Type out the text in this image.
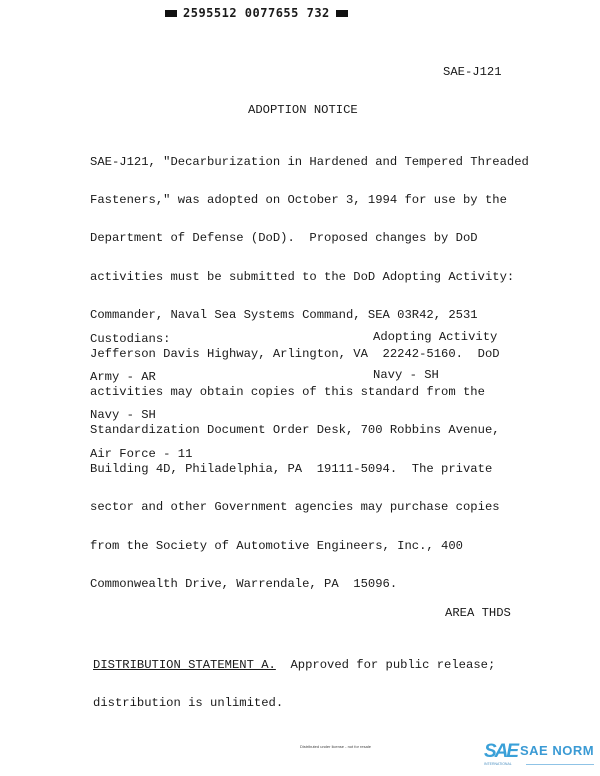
2595512 0077655 732
SAE-J121
ADOPTION NOTICE

SAE-J121, "Decarburization in Hardened and Tempered Threaded

Fasteners," was adopted on October 3, 1994 for use by the

Department of Defense (DoD).  Proposed changes by DoD

activities must be submitted to the DoD Adopting Activity:

Commander, Naval Sea Systems Command, SEA 03R42, 2531

Jefferson Davis Highway, Arlington, VA  22242-5160.  DoD

activities may obtain copies of this standard from the

Standardization Document Order Desk, 700 Robbins Avenue,

Building 4D, Philadelphia, PA  19111-5094.  The private

sector and other Government agencies may purchase copies

from the Society of Automotive Engineers, Inc., 400

Commonwealth Drive, Warrendale, PA  15096.

Custodians:

Army - AR

Navy - SH

Air Force - 11

Adopting Activity

Navy - SH

AREA THDS

DISTRIBUTION STATEMENT A.  Approved for public release;

distribution is unlimited.

Distributed under license - not for resale	SAE SAE NORM
INTERNATIONAL
